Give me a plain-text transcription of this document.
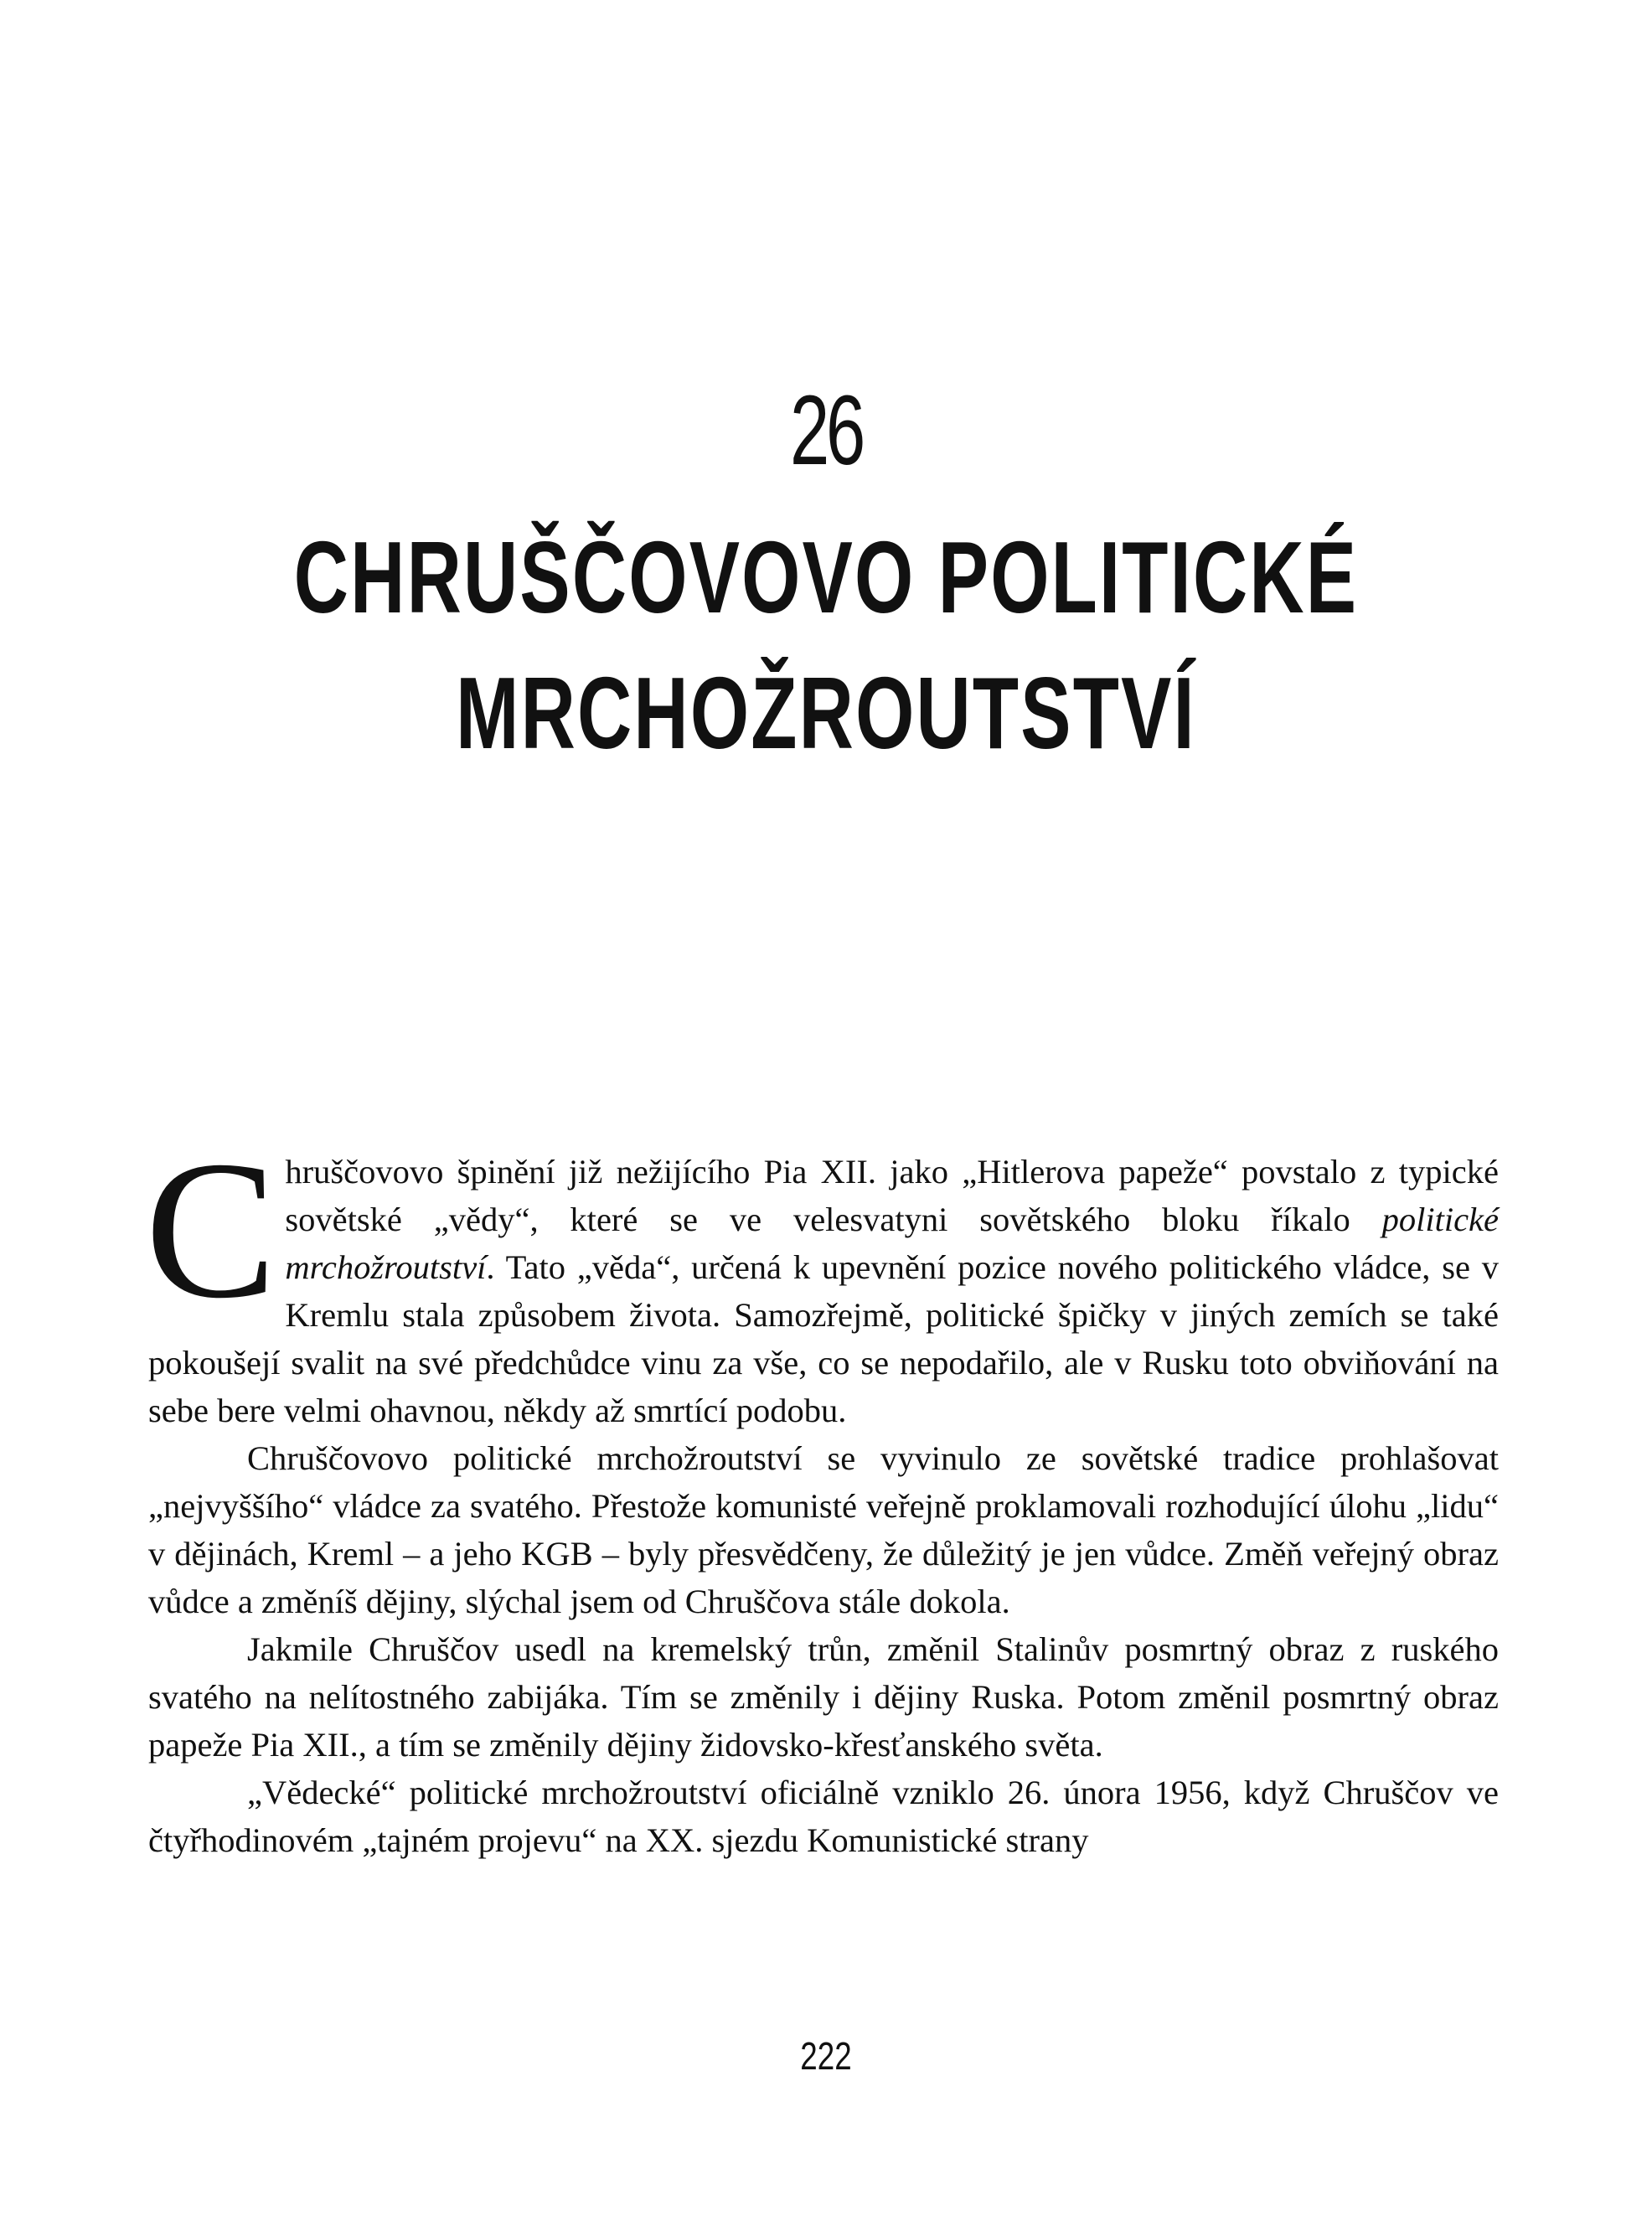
26
CHRUŠČOVOVO POLITICKÉ
MRCHOŽROUTSTVÍ

Chruščovovo špinění již nežijícího Pia XII. jako „Hitlerova papeže“ povstalo z typické sovětské „vědy“, které se ve velesvatyni sovětského bloku říkalo politické mrchožroutství. Tato „věda“, určená k upevnění pozice nového politického vládce, se v Kremlu stala způsobem života. Samozřejmě, politické špičky v jiných zemích se také pokoušejí svalit na své předchůdce vinu za vše, co se nepodařilo, ale v Rusku toto obviňování na sebe bere velmi ohavnou, někdy až smrtící podobu.

Chruščovovo politické mrchožroutství se vyvinulo ze sovětské tradice prohlašovat „nejvyššího“ vládce za svatého. Přestože komunisté veřejně proklamovali rozhodující úlohu „lidu“ v dějinách, Kreml – a jeho KGB – byly přesvědčeny, že důležitý je jen vůdce. Změň veřejný obraz vůdce a změníš dějiny, slýchal jsem od Chruščova stále dokola.

Jakmile Chruščov usedl na kremelský trůn, změnil Stalinův posmrtný obraz z ruského svatého na nelítostného zabijáka. Tím se změnily i dějiny Ruska. Potom změnil posmrtný obraz papeže Pia XII., a tím se změnily dějiny židovsko-křesťanského světa.

„Vědecké“ politické mrchožroutství oficiálně vzniklo 26. února 1956, když Chruščov ve čtyřhodinovém „tajném projevu“ na XX. sjezdu Komunistické strany

222
